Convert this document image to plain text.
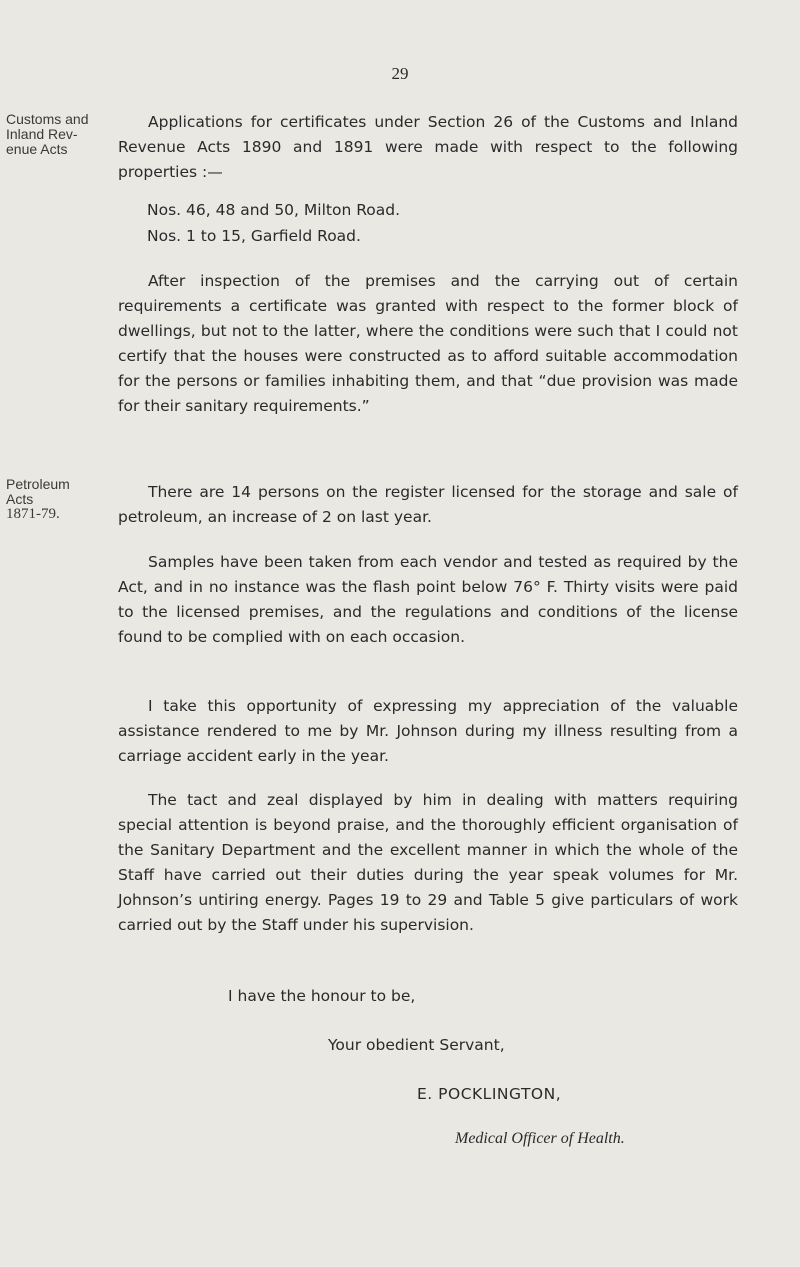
29
Customs and
Inland Rev-
enue Acts
Applications for certificates under Section 26 of the Customs and Inland Revenue Acts 1890 and 1891 were made with respect to the following properties :—
Nos. 46, 48 and 50, Milton Road.
Nos. 1 to 15, Garfield Road.
After inspection of the premises and the carrying out of certain requirements a certificate was granted with respect to the former block of dwellings, but not to the latter, where the conditions were such that I could not certify that the houses were constructed as to afford suitable accommodation for the persons or families inhabiting them, and that “due provision was made for their sanitary requirements.”
Petroleum
Acts
1871-79.
There are 14 persons on the register licensed for the storage and sale of petroleum, an increase of 2 on last year.
Samples have been taken from each vendor and tested as required by the Act, and in no instance was the flash point below 76° F. Thirty visits were paid to the licensed premises, and the regulations and conditions of the license found to be complied with on each occasion.
I take this opportunity of expressing my appreciation of the valuable assistance rendered to me by Mr. Johnson during my illness resulting from a carriage accident early in the year.
The tact and zeal displayed by him in dealing with matters requiring special attention is beyond praise, and the thoroughly efficient organisation of the Sanitary Department and the excellent manner in which the whole of the Staff have carried out their duties during the year speak volumes for Mr. Johnson’s untiring energy. Pages 19 to 29 and Table 5 give particulars of work carried out by the Staff under his supervision.
I have the honour to be,
Your obedient Servant,
E. POCKLINGTON,
Medical Officer of Health.
